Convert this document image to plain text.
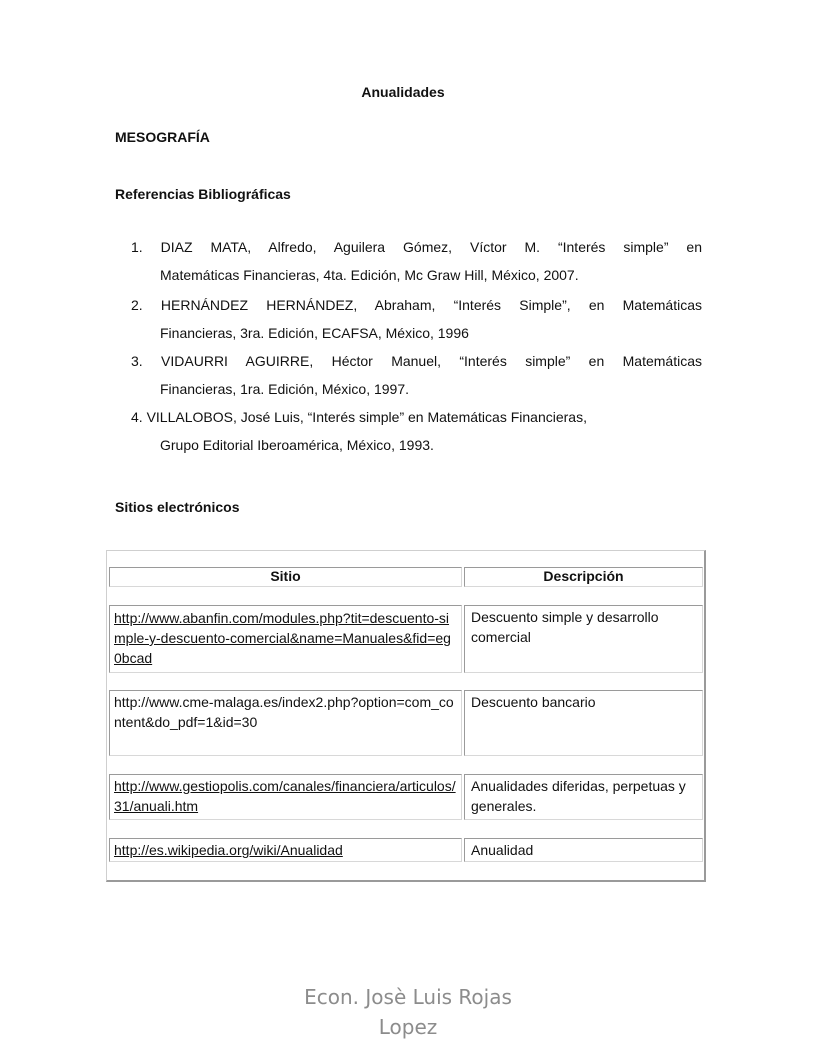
Anualidades
MESOGRAFÍA
Referencias Bibliográficas
1. DIAZ MATA, Alfredo, Aguilera Gómez, Víctor M. “Interés simple” en
Matemáticas Financieras, 4ta. Edición, Mc Graw Hill, México, 2007.
2. HERNÁNDEZ HERNÁNDEZ, Abraham, “Interés Simple”, en Matemáticas
Financieras, 3ra. Edición, ECAFSA, México, 1996
3. VIDAURRI AGUIRRE, Héctor Manuel, “Interés simple” en Matemáticas
Financieras, 1ra. Edición, México, 1997.
4. VILLALOBOS, José Luis, “Interés simple” en Matemáticas Financieras,
Grupo Editorial Iberoamérica, México, 1993.
Sitios electrónicos
Sitio	Descripción
http://www.abanfin.com/modules.php?tit=descuento-simple-y-descuento-comercial&name=Manuales&fid=eg0bcad
Descuento simple y desarrollo comercial
http://www.cme-malaga.es/index2.php?option=com_content&do_pdf=1&id=30
Descuento bancario
http://www.gestiopolis.com/canales/financiera/articulos/31/anuali.htm
Anualidades diferidas, perpetuas y generales.
http://es.wikipedia.org/wiki/Anualidad	Anualidad
Econ. Josè Luis Rojas
Lopez
